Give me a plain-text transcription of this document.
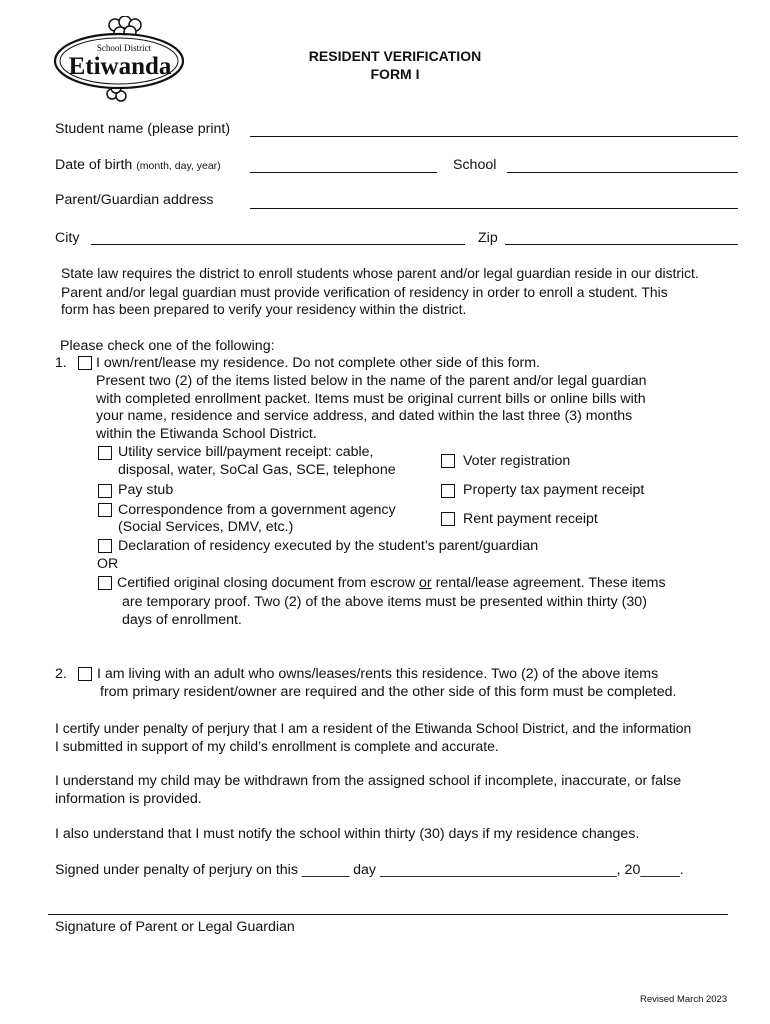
School District
Etiwanda	RESIDENT VERIFICATION
FORM I
Student name (please print)
Date of birth (month, day, year)	School
Parent/Guardian address
City	Zip
State law requires the district to enroll students whose parent and/or legal guardian reside in our district.
Parent and/or legal guardian must provide verification of residency in order to enroll a student. This
form has been prepared to verify your residency within the district.
Please check one of the following:
1. I own/rent/lease my residence. Do not complete other side of this form.
Present two (2) of the items listed below in the name of the parent and/or legal guardian
with completed enrollment packet. Items must be original current bills or online bills with
your name, residence and service address, and dated within the last three (3) months
within the Etiwanda School District.
Utility service bill/payment receipt: cable,
disposal, water, SoCal Gas, SCE, telephone
Voter registration
Pay stub	Property tax payment receipt
Correspondence from a government agency
(Social Services, DMV, etc.)	Rent payment receipt
Declaration of residency executed by the student’s parent/guardian
OR
Certified original closing document from escrow or rental/lease agreement. These items
are temporary proof. Two (2) of the above items must be presented within thirty (30)
days of enrollment.
2. I am living with an adult who owns/leases/rents this residence. Two (2) of the above items
from primary resident/owner are required and the other side of this form must be completed.
I certify under penalty of perjury that I am a resident of the Etiwanda School District, and the information
I submitted in support of my child’s enrollment is complete and accurate.
I understand my child may be withdrawn from the assigned school if incomplete, inaccurate, or false
information is provided.
I also understand that I must notify the school within thirty (30) days if my residence changes.
Signed under penalty of perjury on this ______ day ______________________________, 20_____.
Signature of Parent or Legal Guardian
Revised March 2023
